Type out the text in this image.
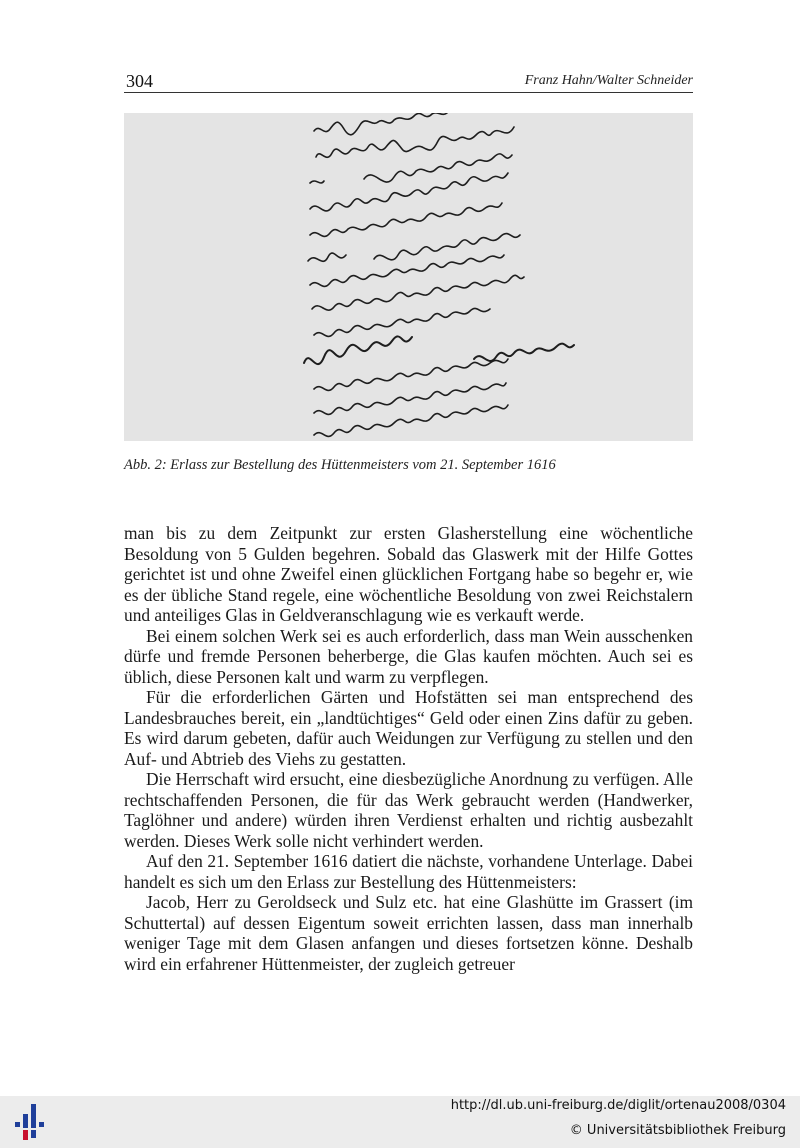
304	Franz Hahn/Walter Schneider
Abb. 2: Erlass zur Bestellung des Hüttenmeisters vom 21. September 1616

man bis zu dem Zeitpunkt zur ersten Glasherstellung eine wöchentliche Besoldung von 5 Gulden begehren. Sobald das Glaswerk mit der Hilfe Gottes gerichtet ist und ohne Zweifel einen glücklichen Fortgang habe so begehr er, wie es der übliche Stand regele, eine wöchentliche Besoldung von zwei Reichstalern und anteiliges Glas in Geldveranschlagung wie es verkauft werde.

Bei einem solchen Werk sei es auch erforderlich, dass man Wein ausschenken dürfe und fremde Personen beherberge, die Glas kaufen möchten. Auch sei es üblich, diese Personen kalt und warm zu verpflegen.

Für die erforderlichen Gärten und Hofstätten sei man entsprechend des Landesbrauches bereit, ein „landtüchtiges“ Geld oder einen Zins dafür zu geben. Es wird darum gebeten, dafür auch Weidungen zur Verfügung zu stellen und den Auf- und Abtrieb des Viehs zu gestatten.

Die Herrschaft wird ersucht, eine diesbezügliche Anordnung zu verfügen. Alle rechtschaffenden Personen, die für das Werk gebraucht werden (Handwerker, Taglöhner und andere) würden ihren Verdienst erhalten und richtig ausbezahlt werden. Dieses Werk solle nicht verhindert werden.

Auf den 21. September 1616 datiert die nächste, vorhandene Unterlage. Dabei handelt es sich um den Erlass zur Bestellung des Hüttenmeisters:

Jacob, Herr zu Geroldseck und Sulz etc. hat eine Glashütte im Grassert (im Schuttertal) auf dessen Eigentum soweit errichten lassen, dass man innerhalb weniger Tage mit dem Glasen anfangen und dieses fortsetzen könne. Deshalb wird ein erfahrener Hüttenmeister, der zugleich getreuer

http://dl.ub.uni-freiburg.de/diglit/ortenau2008/0304
© Universitätsbibliothek Freiburg
